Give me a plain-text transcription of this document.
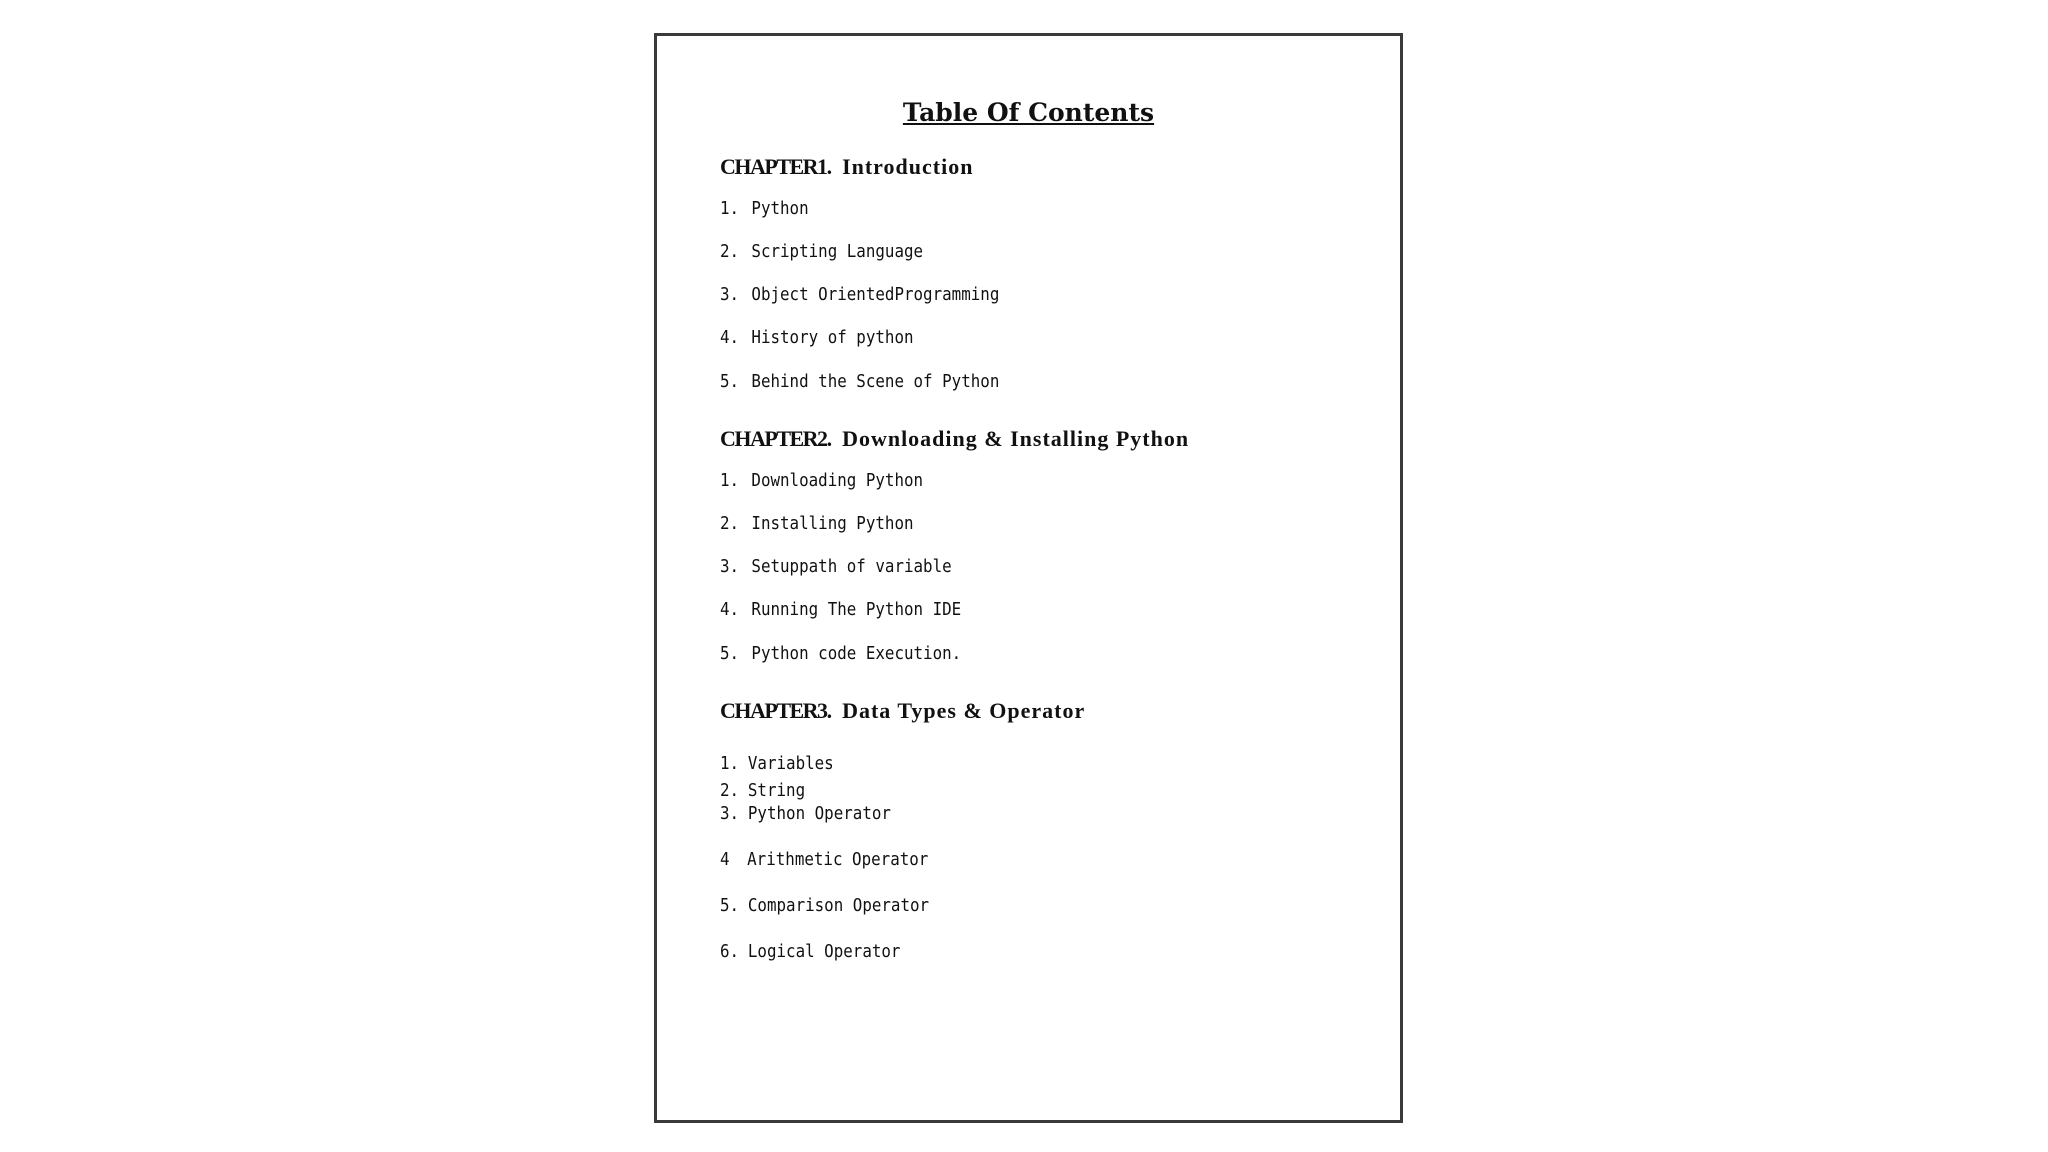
Table Of Contents
CHAPTER1. Introduction
1. Python
2. Scripting Language
3. Object OrientedProgramming
4. History of python
5. Behind the Scene of Python
CHAPTER2. Downloading & Installing Python
1. Downloading Python
2. Installing Python
3. Setuppath of variable
4. Running The Python IDE
5. Python code Execution.
CHAPTER3. Data Types & Operator
1. Variables
2. String
3. Python Operator
4 Arithmetic Operator
5. Comparison Operator
6. Logical Operator
